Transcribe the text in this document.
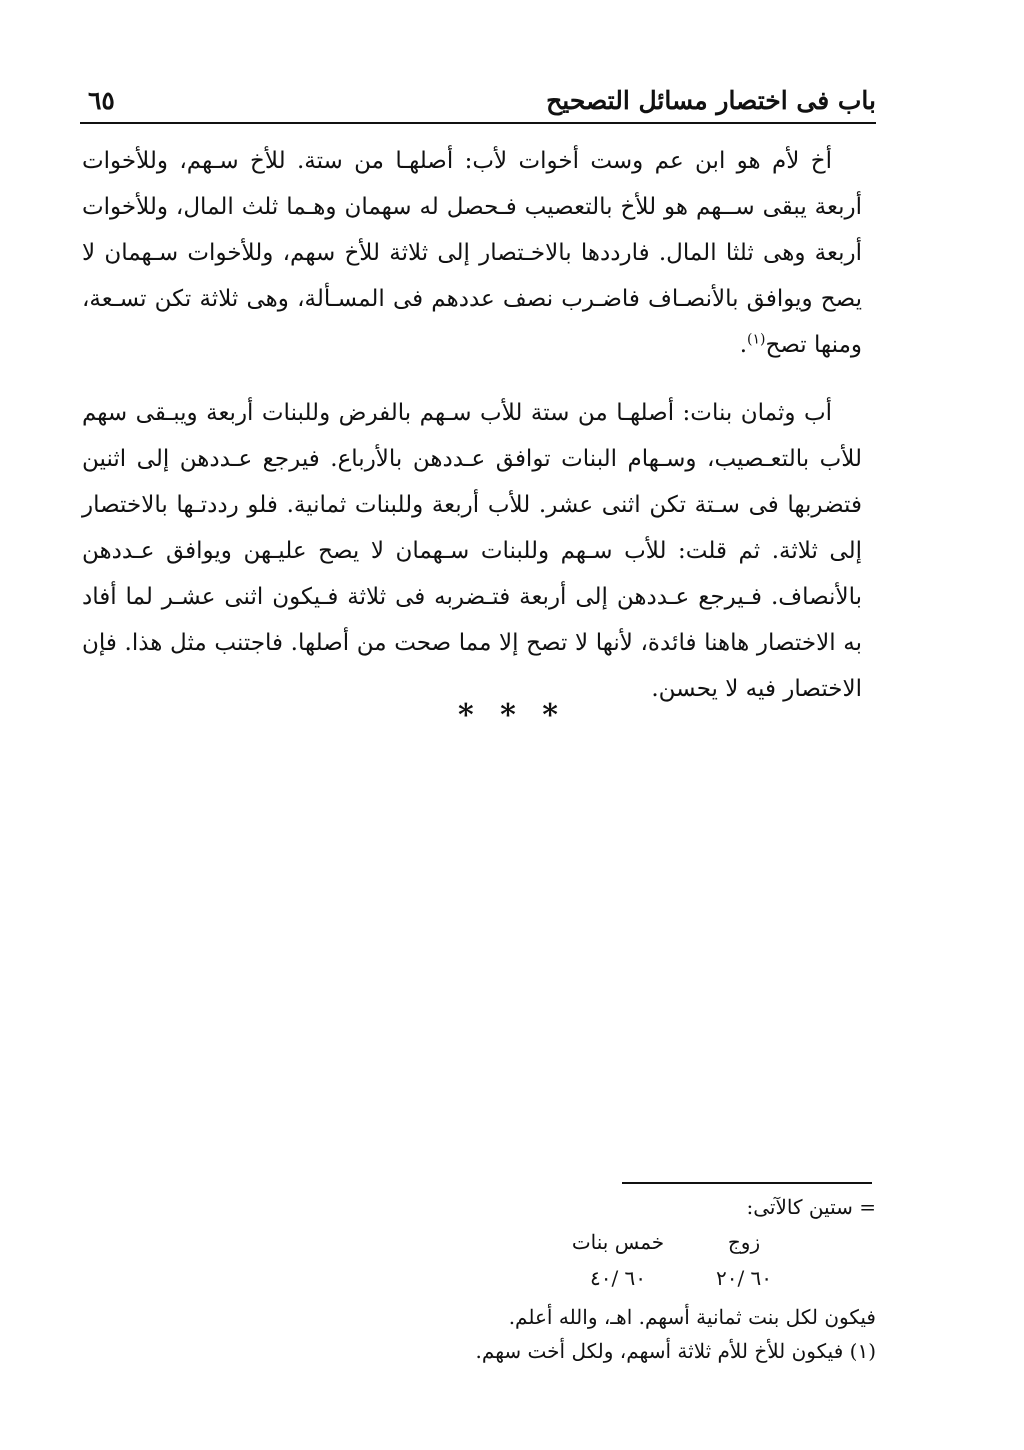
باب فى اختصار مسائل التصحيح
٦٥

أخ لأم هو ابن عم وست أخوات لأب: أصلهـا من ستة. للأخ سـهم، وللأخوات أربعة يبقى ســهم هو للأخ بالتعصيب فـحصل له سهمان وهـما ثلث المال، وللأخوات أربعة وهى ثلثا المال. فارددها بالاخـتصار إلى ثلاثة للأخ سهم، وللأخوات سـهمان لا يصح ويوافق بالأنصـاف فاضـرب نصف عددهم فى المسـألة، وهى ثلاثة تكن تسـعة، ومنها تصح$^{(١)}$.

أب وثمان بنات: أصلهـا من ستة للأب سـهم بالفرض وللبنات أربعة ويبـقى سهم للأب بالتعـصيب، وسـهام البنات توافق عـددهن بالأرباع. فيرجع عـددهن إلى اثنين فتضربها فى سـتة تكن اثنى عشر. للأب أربعة وللبنات ثمانية. فلو رددتـها بالاختصار إلى ثلاثة. ثم قلت: للأب سـهم وللبنات سـهمان لا يصح عليـهن ويوافق عـددهن بالأنصاف. فـيرجع عـددهن إلى أربعة فتـضربه فى ثلاثة فـيكون اثنى عشـر لما أفاد به الاختصار هاهنا فائدة، لأنها لا تصح إلا مما صحت من أصلها. فاجتنب مثل هذا. فإن الاختصار فيه لا يحسن.

* * *
= ستين كالآتى:
زوج
٦٠ /٢٠
خمس بنات
٦٠ /٤٠
فيكون لكل بنت ثمانية أسهم. اهـ، والله أعلم.
(١) فيكون للأخ للأم ثلاثة أسهم، ولكل أخت سهم.
